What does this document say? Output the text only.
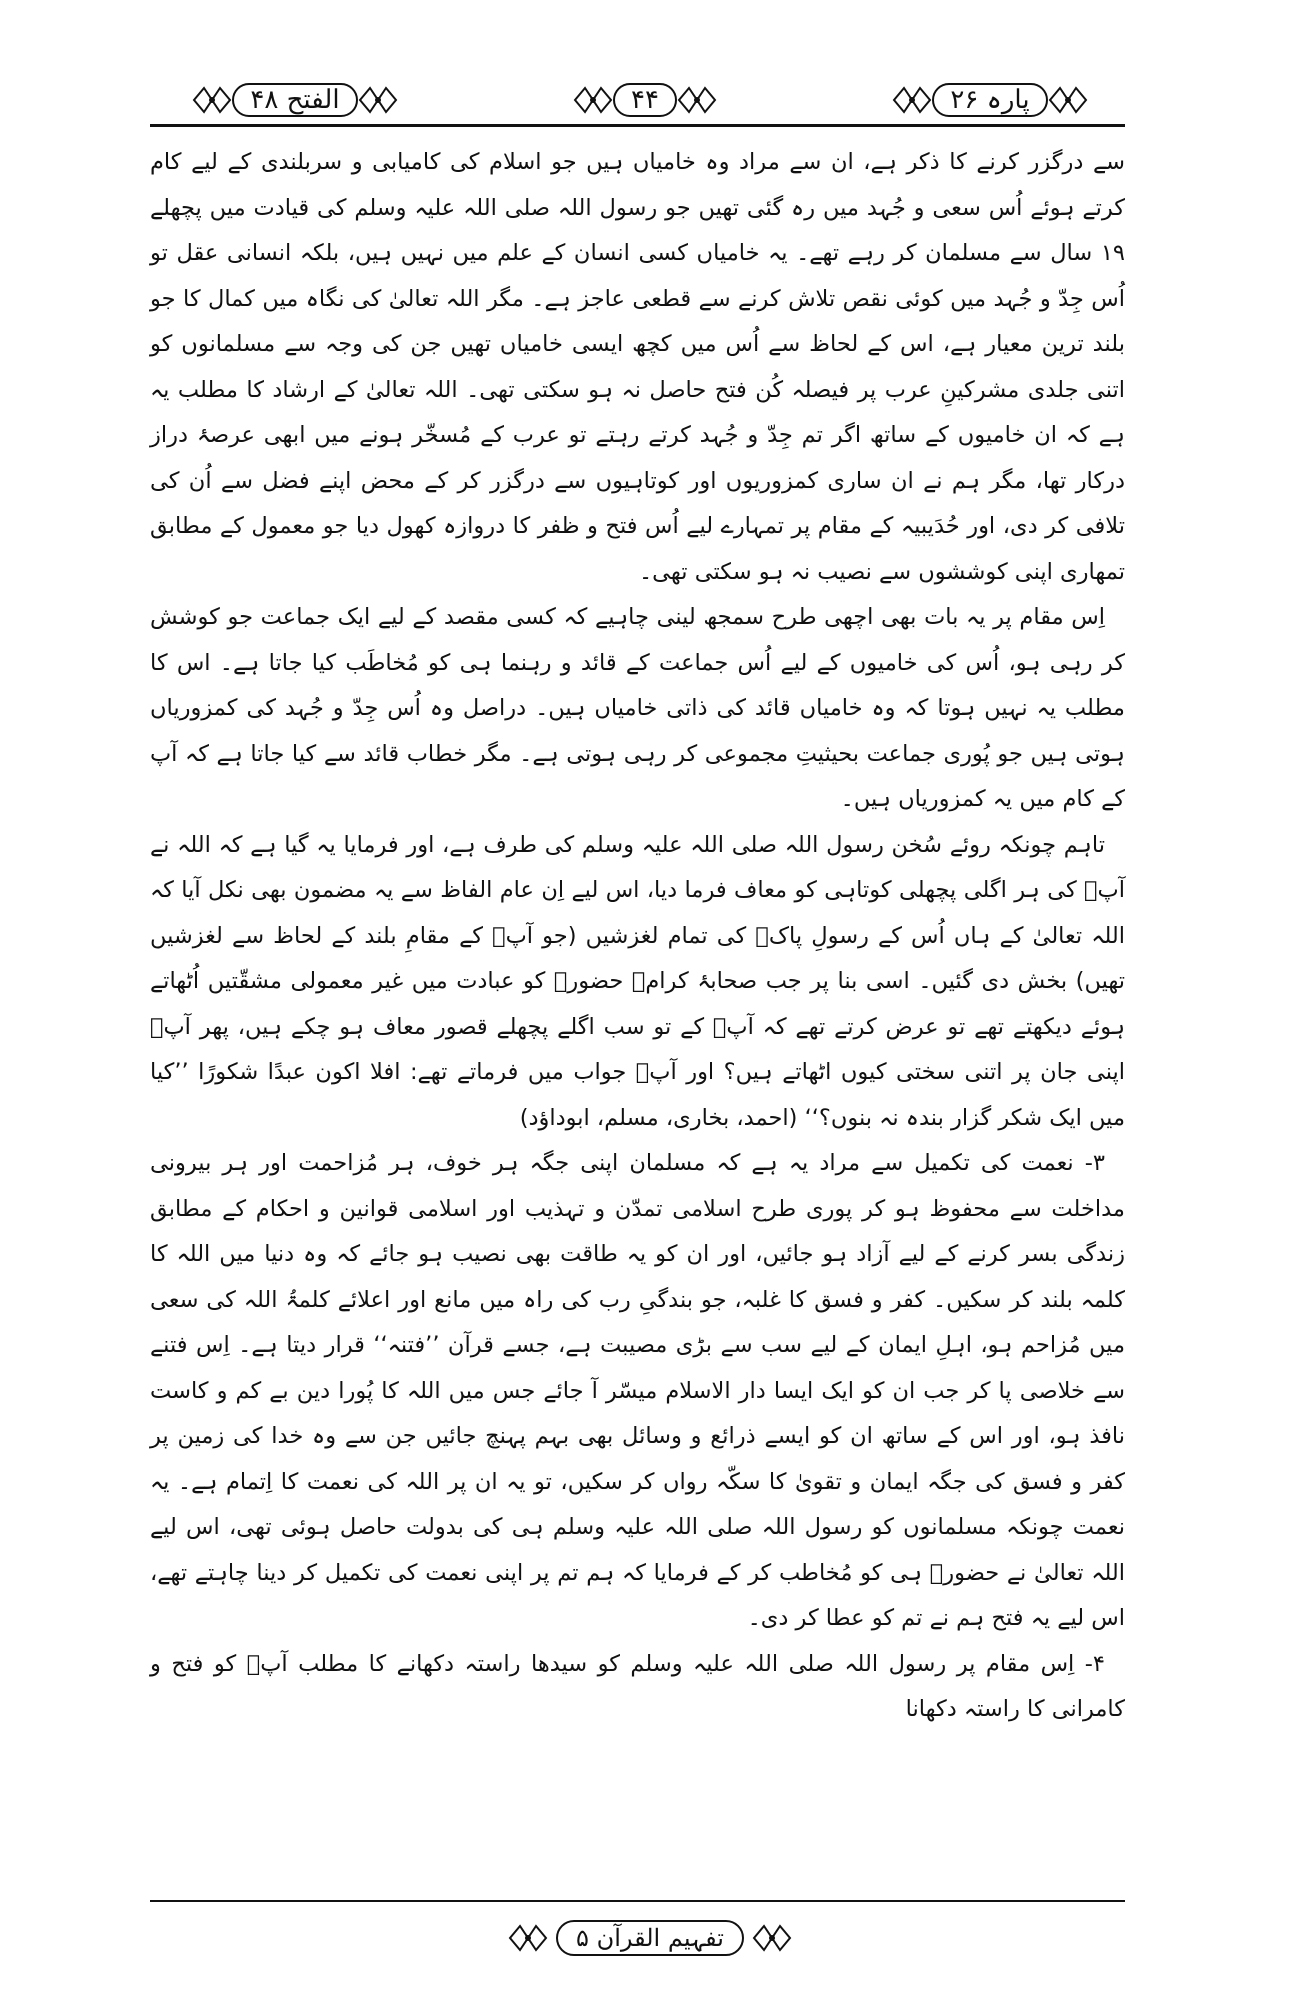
پارہ ۲۶
۴۴
الفتح ۴۸

سے درگزر کرنے کا ذکر ہے، ان سے مراد وہ خامیاں ہیں جو اسلام کی کامیابی و سربلندی کے لیے کام کرتے ہوئے اُس سعی و جُہد میں رہ گئی تھیں جو رسول اللہ صلی اللہ علیہ وسلم کی قیادت میں پچھلے ۱۹ سال سے مسلمان کر رہے تھے۔ یہ خامیاں کسی انسان کے علم میں نہیں ہیں، بلکہ انسانی عقل تو اُس جِدّ و جُہد میں کوئی نقص تلاش کرنے سے قطعی عاجز ہے۔ مگر اللہ تعالیٰ کی نگاہ میں کمال کا جو بلند ترین معیار ہے، اس کے لحاظ سے اُس میں کچھ ایسی خامیاں تھیں جن کی وجہ سے مسلمانوں کو اتنی جلدی مشرکینِ عرب پر فیصلہ کُن فتح حاصل نہ ہو سکتی تھی۔ اللہ تعالیٰ کے ارشاد کا مطلب یہ ہے کہ ان خامیوں کے ساتھ اگر تم جِدّ و جُہد کرتے رہتے تو عرب کے مُسخّر ہونے میں ابھی عرصۂ دراز درکار تھا، مگر ہم نے ان ساری کمزوریوں اور کوتاہیوں سے درگزر کر کے محض اپنے فضل سے اُن کی تلافی کر دی، اور حُدَیبیہ کے مقام پر تمہارے لیے اُس فتح و ظفر کا دروازہ کھول دیا جو معمول کے مطابق تمھاری اپنی کوششوں سے نصیب نہ ہو سکتی تھی۔

اِس مقام پر یہ بات بھی اچھی طرح سمجھ لینی چاہیے کہ کسی مقصد کے لیے ایک جماعت جو کوشش کر رہی ہو، اُس کی خامیوں کے لیے اُس جماعت کے قائد و رہنما ہی کو مُخاطَب کیا جاتا ہے۔ اس کا مطلب یہ نہیں ہوتا کہ وہ خامیاں قائد کی ذاتی خامیاں ہیں۔ دراصل وہ اُس جِدّ و جُہد کی کمزوریاں ہوتی ہیں جو پُوری جماعت بحیثیتِ مجموعی کر رہی ہوتی ہے۔ مگر خطاب قائد سے کیا جاتا ہے کہ آپ کے کام میں یہ کمزوریاں ہیں۔

تاہم چونکہ روئے سُخن رسول اللہ صلی اللہ علیہ وسلم کی طرف ہے، اور فرمایا یہ گیا ہے کہ اللہ نے آپؐ کی ہر اگلی پچھلی کوتاہی کو معاف فرما دیا، اس لیے اِن عام الفاظ سے یہ مضمون بھی نکل آیا کہ اللہ تعالیٰ کے ہاں اُس کے رسولِ پاکؐ کی تمام لغزشیں (جو آپؐ کے مقامِ بلند کے لحاظ سے لغزشیں تھیں) بخش دی گئیں۔ اسی بنا پر جب صحابۂ کرامؓ حضورؐ کو عبادت میں غیر معمولی مشقّتیں اُٹھاتے ہوئے دیکھتے تھے تو عرض کرتے تھے کہ آپؐ کے تو سب اگلے پچھلے قصور معاف ہو چکے ہیں، پھر آپؐ اپنی جان پر اتنی سختی کیوں اٹھاتے ہیں؟ اور آپؐ جواب میں فرماتے تھے: افلا اکون عبدًا شکورًا ’’کیا میں ایک شکر گزار بندہ نہ بنوں؟‘‘ (احمد، بخاری، مسلم، ابوداؤد)

۳- نعمت کی تکمیل سے مراد یہ ہے کہ مسلمان اپنی جگہ ہر خوف، ہر مُزاحمت اور ہر بیرونی مداخلت سے محفوظ ہو کر پوری طرح اسلامی تمدّن و تہذیب اور اسلامی قوانین و احکام کے مطابق زندگی بسر کرنے کے لیے آزاد ہو جائیں، اور ان کو یہ طاقت بھی نصیب ہو جائے کہ وہ دنیا میں اللہ کا کلمہ بلند کر سکیں۔ کفر و فسق کا غلبہ، جو بندگیِ رب کی راہ میں مانع اور اعلائے کلمۃُ اللہ کی سعی میں مُزاحم ہو، اہلِ ایمان کے لیے سب سے بڑی مصیبت ہے، جسے قرآن ’’فتنہ‘‘ قرار دیتا ہے۔ اِس فتنے سے خلاصی پا کر جب ان کو ایک ایسا دار الاسلام میسّر آ جائے جس میں اللہ کا پُورا دین بے کم و کاست نافذ ہو، اور اس کے ساتھ ان کو ایسے ذرائع و وسائل بھی بہم پہنچ جائیں جن سے وہ خدا کی زمین پر کفر و فسق کی جگہ ایمان و تقویٰ کا سکّہ رواں کر سکیں، تو یہ ان پر اللہ کی نعمت کا اِتمام ہے۔ یہ نعمت چونکہ مسلمانوں کو رسول اللہ صلی اللہ علیہ وسلم ہی کی بدولت حاصل ہوئی تھی، اس لیے اللہ تعالیٰ نے حضورؐ ہی کو مُخاطب کر کے فرمایا کہ ہم تم پر اپنی نعمت کی تکمیل کر دینا چاہتے تھے، اس لیے یہ فتح ہم نے تم کو عطا کر دی۔

۴- اِس مقام پر رسول اللہ صلی اللہ علیہ وسلم کو سیدھا راستہ دکھانے کا مطلب آپؐ کو فتح و کامرانی کا راستہ دکھانا

تفہیم القرآن ۵
